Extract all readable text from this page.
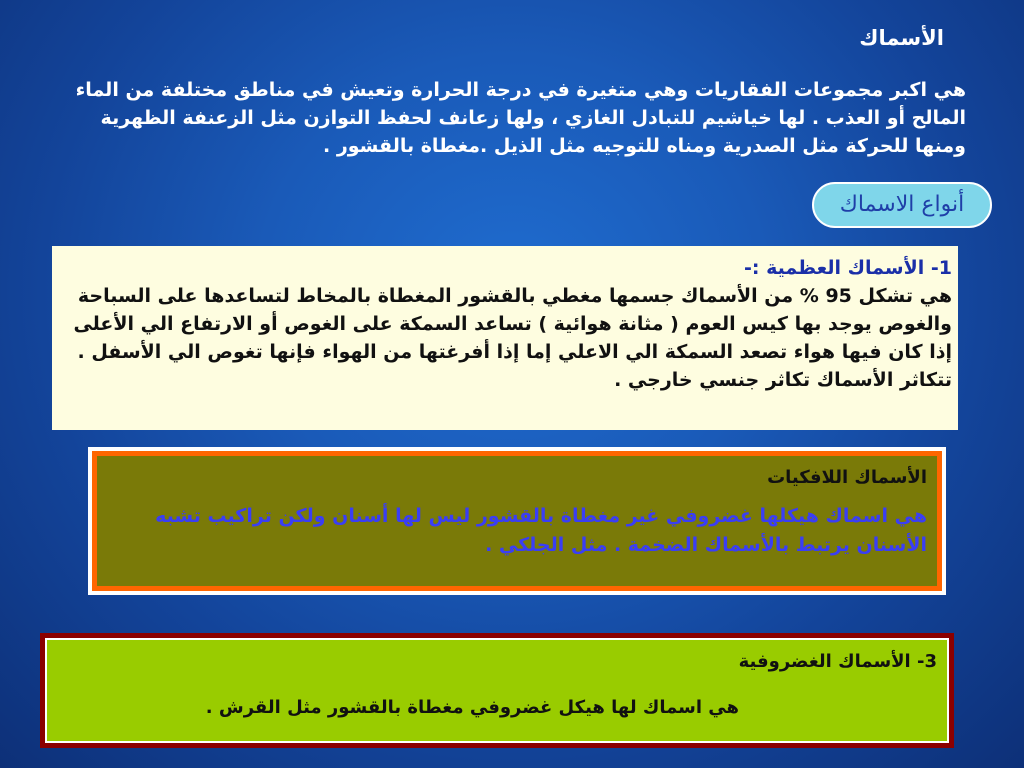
الأسماك
هي اكبر مجموعات الفقاريات وهي متغيرة في درجة الحرارة وتعيش في مناطق مختلفة من الماء المالح أو العذب . لها خياشيم للتبادل الغازي ، ولها زعانف لحفظ التوازن مثل الزعنفة الظهرية ومنها للحركة مثل الصدرية ومناه للتوجيه مثل الذيل .مغطاة بالقشور .
أنواع الاسماك
1- الأسماك العظمية :-
هي تشكل 95 % من الأسماك جسمها مغطي بالقشور المغطاة بالمخاط لتساعدها على السباحة والغوص يوجد بها كيس العوم ( مثانة هوائية ) تساعد السمكة على الغوص أو الارتفاع الي الأعلى إذا كان فيها هواء تصعد السمكة الي الاعلي إما إذا أفرغتها من الهواء فإنها تغوص الي الأسفل . تتكاثر الأسماك تكاثر جنسي خارجي .
الأسماك اللافكيات
هي اسماك هيكلها غضروفي غير مغطاة بالقشور ليس لها أسنان ولكن تراكيب تشبه الأسنان يرتبط بالأسماك الضخمة . مثل الجلكي .
3- الأسماك الغضروفية
هي اسماك لها هيكل غضروفي مغطاة بالقشور مثل القرش .
